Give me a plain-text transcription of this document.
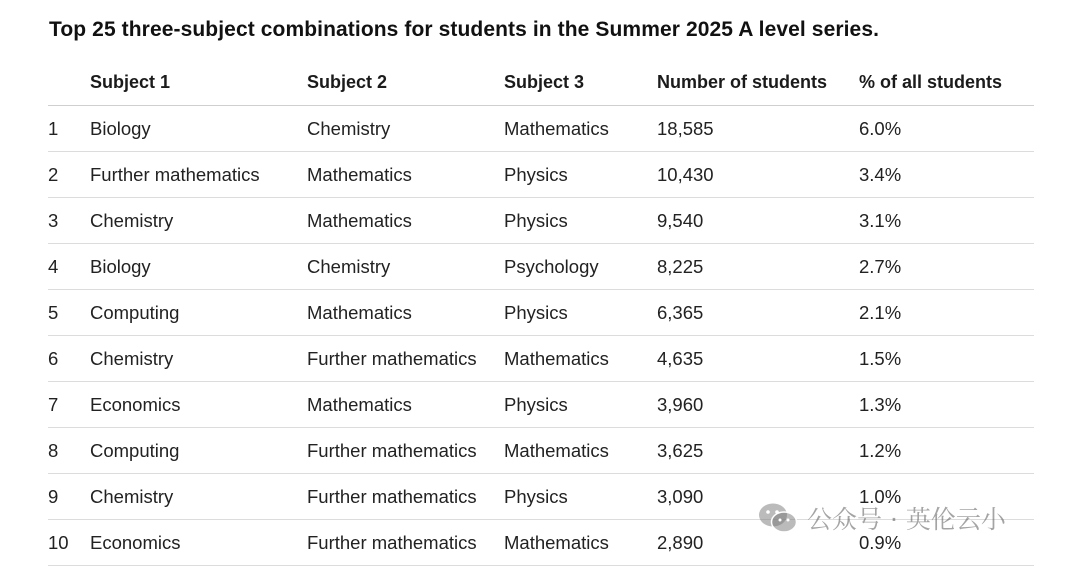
Top 25 three-subject combinations for students in the Summer 2025 A level series.
	Subject 1	Subject 2	Subject 3	Number of students	% of all students
1	Biology	Chemistry	Mathematics	18,585	6.0%
2	Further mathematics	Mathematics	Physics	10,430	3.4%
3	Chemistry	Mathematics	Physics	9,540	3.1%
4	Biology	Chemistry	Psychology	8,225	2.7%
5	Computing	Mathematics	Physics	6,365	2.1%
6	Chemistry	Further mathematics	Mathematics	4,635	1.5%
7	Economics	Mathematics	Physics	3,960	1.3%
8	Computing	Further mathematics	Mathematics	3,625	1.2%
9	Chemistry	Further mathematics	Physics	3,090	1.0%
10	Economics	Further mathematics	Mathematics	2,890	0.9%
公众号 · 英伦云小
